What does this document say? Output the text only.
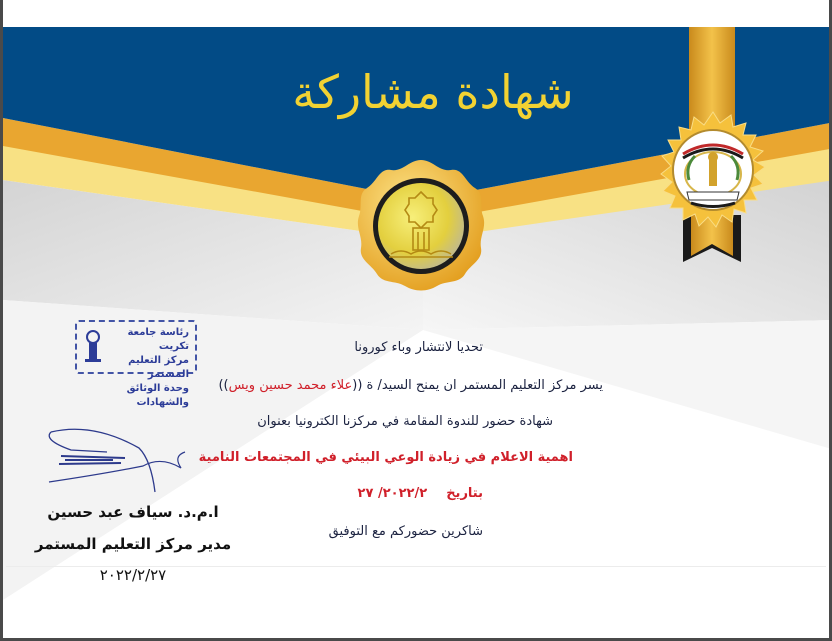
شهادة مشاركة
تحديا لانتشار وباء كورونا
يسر مركز التعليم المستمر ان يمنح السيد/ ة ((علاء محمد حسين ويس))
شهادة حضور للندوة المقامة في مركزنا الكترونيا بعنوان
اهمية الاعلام في زيادة الوعي البيئي في المجتمعات النامية
بتاريخ  ٢٠٢٢/٢/ ٢٧
شاكرين حضوركم مع التوفيق
رئاسة جامعة تكريت
مركز التعليم المستمر
وحدة الوثائق والشهادات
ا.م.د. سياف عبد حسين
مدير مركز التعليم المستمر
٢٠٢٢/٢/٢٧
